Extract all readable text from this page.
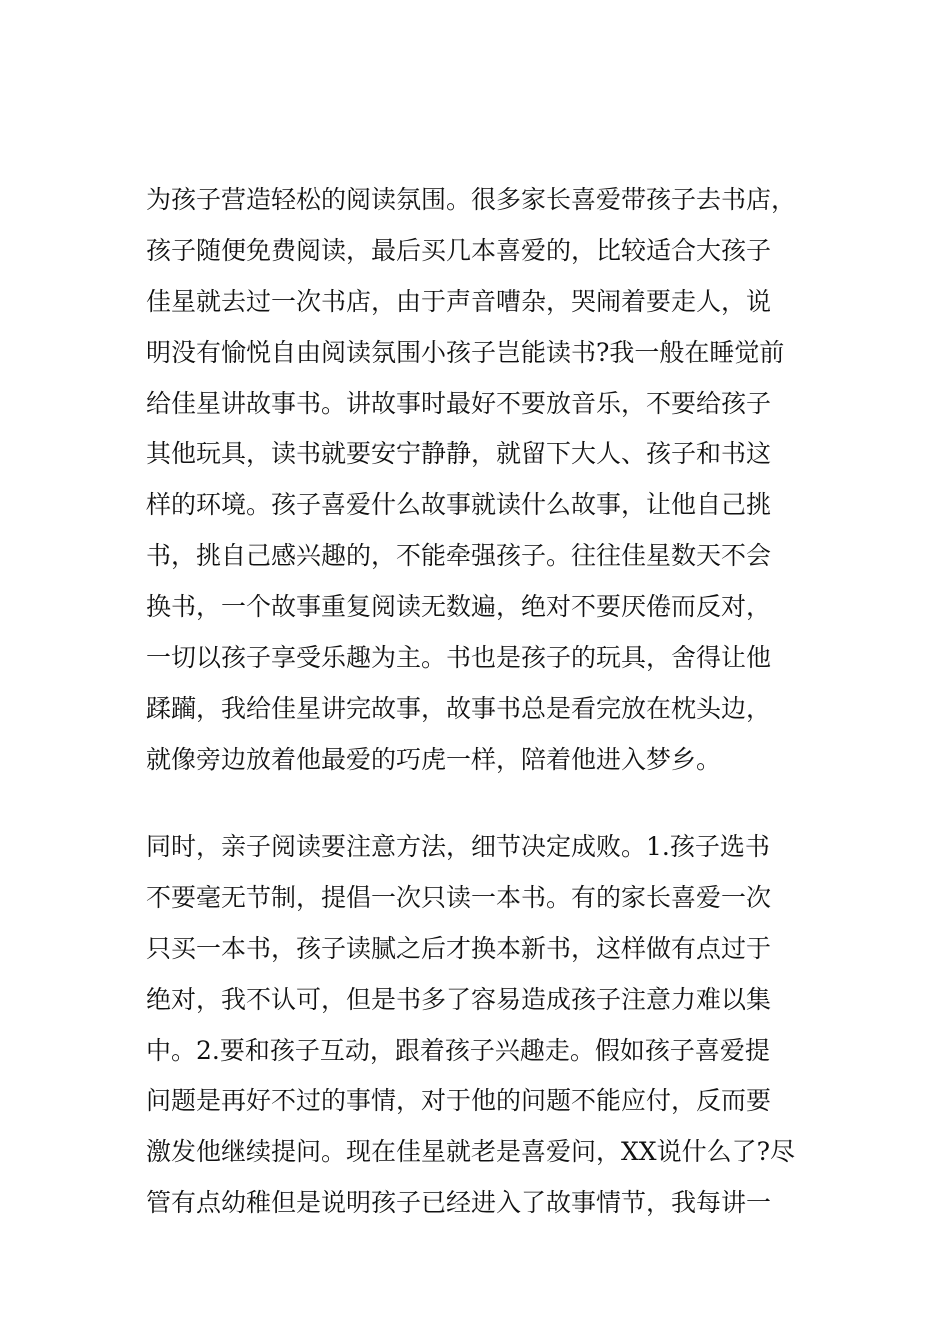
为孩子营造轻松的阅读氛围。很多家长喜爱带孩子去书店，
孩子随便免费阅读，最后买几本喜爱的，比较适合大孩子
佳星就去过一次书店，由于声音嘈杂，哭闹着要走人，说
明没有愉悦自由阅读氛围小孩子岂能读书?我一般在睡觉前
给佳星讲故事书。讲故事时最好不要放音乐，不要给孩子
其他玩具，读书就要安宁静静，就留下大人、孩子和书这
样的环境。孩子喜爱什么故事就读什么故事，让他自己挑
书，挑自己感兴趣的，不能牵强孩子。往往佳星数天不会
换书，一个故事重复阅读无数遍，绝对不要厌倦而反对，
一切以孩子享受乐趣为主。书也是孩子的玩具，舍得让他
蹂躏，我给佳星讲完故事，故事书总是看完放在枕头边，
就像旁边放着他最爱的巧虎一样，陪着他进入梦乡。
同时，亲子阅读要注意方法，细节决定成败。1.孩子选书
不要毫无节制，提倡一次只读一本书。有的家长喜爱一次
只买一本书，孩子读腻之后才换本新书，这样做有点过于
绝对，我不认可，但是书多了容易造成孩子注意力难以集
中。2.要和孩子互动，跟着孩子兴趣走。假如孩子喜爱提
问题是再好不过的事情，对于他的问题不能应付，反而要
激发他继续提问。现在佳星就老是喜爱问，XX说什么了?尽
管有点幼稚但是说明孩子已经进入了故事情节，我每讲一
